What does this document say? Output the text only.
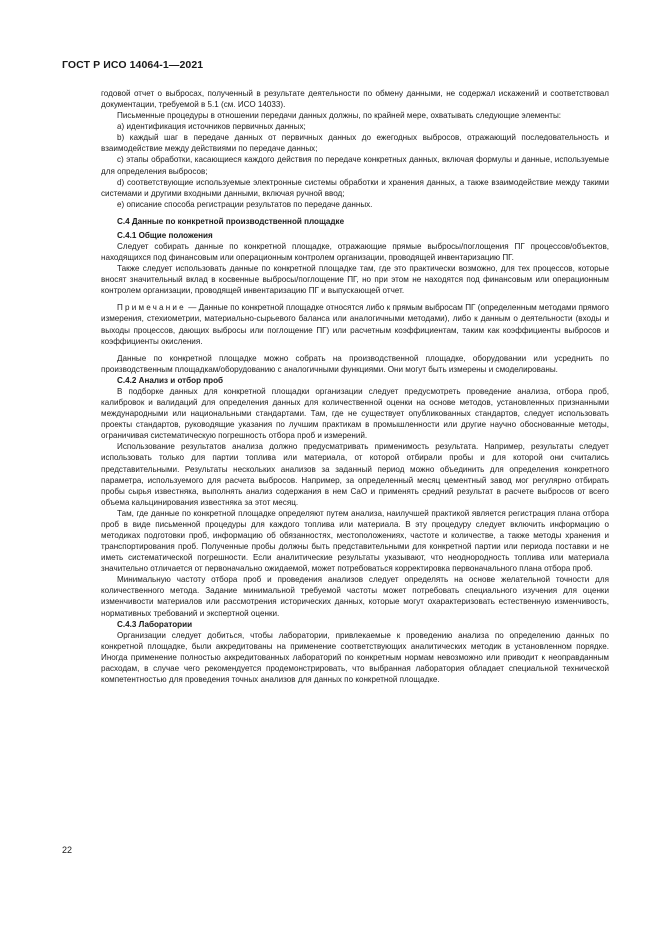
ГОСТ Р ИСО 14064-1—2021

годовой отчет о выбросах, полученный в результате деятельности по обмену данными, не содержал искажений и соответствовал документации, требуемой в 5.1 (см. ИСО 14033).

Письменные процедуры в отношении передачи данных должны, по крайней мере, охватывать следующие элементы:

a) идентификация источников первичных данных;

b) каждый шаг в передаче данных от первичных данных до ежегодных выбросов, отражающий последовательность и взаимодействие между действиями по передаче данных;

c) этапы обработки, касающиеся каждого действия по передаче конкретных данных, включая формулы и данные, используемые для определения выбросов;

d) соответствующие используемые электронные системы обработки и хранения данных, а также взаимодействие между такими системами и другими входными данными, включая ручной ввод;

e) описание способа регистрации результатов по передаче данных.

С.4 Данные по конкретной производственной площадке
С.4.1 Общие положения

Следует собирать данные по конкретной площадке, отражающие прямые выбросы/поглощения ПГ процессов/объектов, находящихся под финансовым или операционным контролем организации, проводящей инвентаризацию ПГ.

Также следует использовать данные по конкретной площадке там, где это практически возможно, для тех процессов, которые вносят значительный вклад в косвенные выбросы/поглощение ПГ, но при этом не находятся под финансовым или операционным контролем организации, проводящей инвентаризацию ПГ и выпускающей отчет.

Примечание — Данные по конкретной площадке относятся либо к прямым выбросам ПГ (определенным методами прямого измерения, стехиометрии, материально-сырьевого баланса или аналогичными методами), либо к данным о деятельности (входы и выходы процессов, дающих выбросы или поглощение ПГ) или расчетным коэффициентам, таким как коэффициенты выбросов и коэффициенты окисления.

Данные по конкретной площадке можно собрать на производственной площадке, оборудовании или усреднить по производственным площадкам/оборудованию с аналогичными функциями. Они могут быть измерены и смоделированы.

С.4.2 Анализ и отбор проб

В подборке данных для конкретной площадки организации следует предусмотреть проведение анализа, отбора проб, калибровок и валидаций для определения данных для количественной оценки на основе методов, установленных признанными международными или национальными стандартами. Там, где не существует опубликованных стандартов, следует использовать проекты стандартов, руководящие указания по лучшим практикам в промышленности или другие научно обоснованные методы, ограничивая систематическую погрешность отбора проб и измерений.

Использование результатов анализа должно предусматривать применимость результата. Например, результаты следует использовать только для партии топлива или материала, от которой отбирали пробы и для которой они считались представительными. Результаты нескольких анализов за заданный период можно объединить для определения конкретного параметра, используемого для расчета выбросов. Например, за определенный месяц цементный завод мог регулярно отбирать пробы сырья известняка, выполнять анализ содержания в нем CaO и применять средний результат в расчете выбросов от всего объема кальцинирования известняка за этот месяц.

Там, где данные по конкретной площадке определяют путем анализа, наилучшей практикой является регистрация плана отбора проб в виде письменной процедуры для каждого топлива или материала. В эту процедуру следует включить информацию о методиках подготовки проб, информацию об обязанностях, местоположениях, частоте и количестве, а также методы хранения и транспортирования проб. Полученные пробы должны быть представительными для конкретной партии или периода поставки и не иметь систематической погрешности. Если аналитические результаты указывают, что неоднородность топлива или материала значительно отличается от первоначально ожидаемой, может потребоваться корректировка первоначального плана отбора проб.

Минимальную частоту отбора проб и проведения анализов следует определять на основе желательной точности для количественного метода. Задание минимальной требуемой частоты может потребовать специального изучения для оценки изменчивости материалов или рассмотрения исторических данных, которые могут охарактеризовать естественную изменчивость, нормативных требований и экспертной оценки.

С.4.3 Лаборатории

Организации следует добиться, чтобы лаборатории, привлекаемые к проведению анализа по определению данных по конкретной площадке, были аккредитованы на применение соответствующих аналитических методик в установленном порядке. Иногда применение полностью аккредитованных лабораторий по конкретным нормам невозможно или приводит к неоправданным расходам, в случае чего рекомендуется продемонстрировать, что выбранная лаборатория обладает специальной технической компетентностью для проведения точных анализов для данных по конкретной площадке.

22
